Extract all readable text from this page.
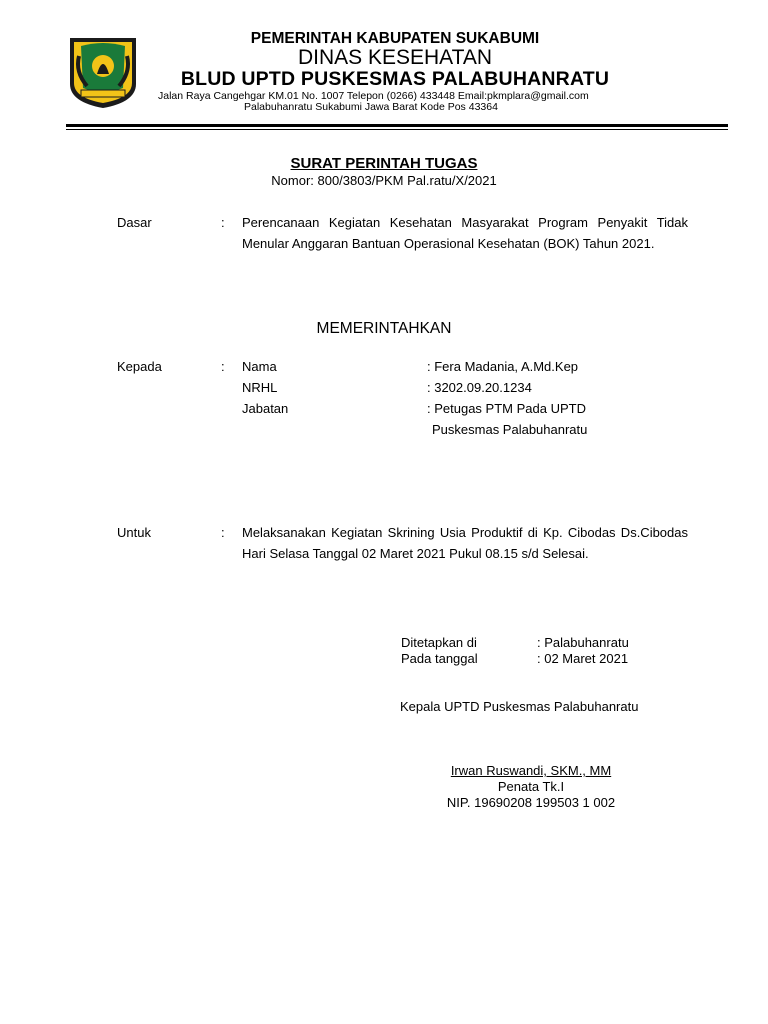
PEMERINTAH KABUPATEN SUKABUMI
DINAS KESEHATAN
BLUD UPTD PUSKESMAS PALABUHANRATU
Jalan Raya Cangehgar KM.01 No. 1007 Telepon (0266) 433448 Email:pkmplara@gmail.com
Palabuhanratu Sukabumi Jawa Barat Kode Pos 43364
SURAT PERINTAH TUGAS
Nomor: 800/3803/PKM Pal.ratu/X/2021
Dasar	: Perencanaan Kegiatan Kesehatan Masyarakat Program Penyakit Tidak Menular Anggaran Bantuan Operasional Kesehatan (BOK) Tahun 2021.
MEMERINTAHKAN
Kepada	: Nama	: Fera Madania, A.Md.Kep
NRHL	: 3202.09.20.1234
Jabatan	: Petugas PTM Pada UPTD
Puskesmas Palabuhanratu
Untuk	: Melaksanakan Kegiatan Skrining Usia Produktif di Kp. Cibodas Ds.Cibodas Hari Selasa Tanggal 02 Maret 2021 Pukul 08.15 s/d Selesai.
Ditetapkan di	: Palabuhanratu
Pada tanggal	: 02 Maret 2021
Kepala UPTD Puskesmas Palabuhanratu
Irwan Ruswandi, SKM., MM
Penata Tk.I
NIP. 19690208 199503 1 002
